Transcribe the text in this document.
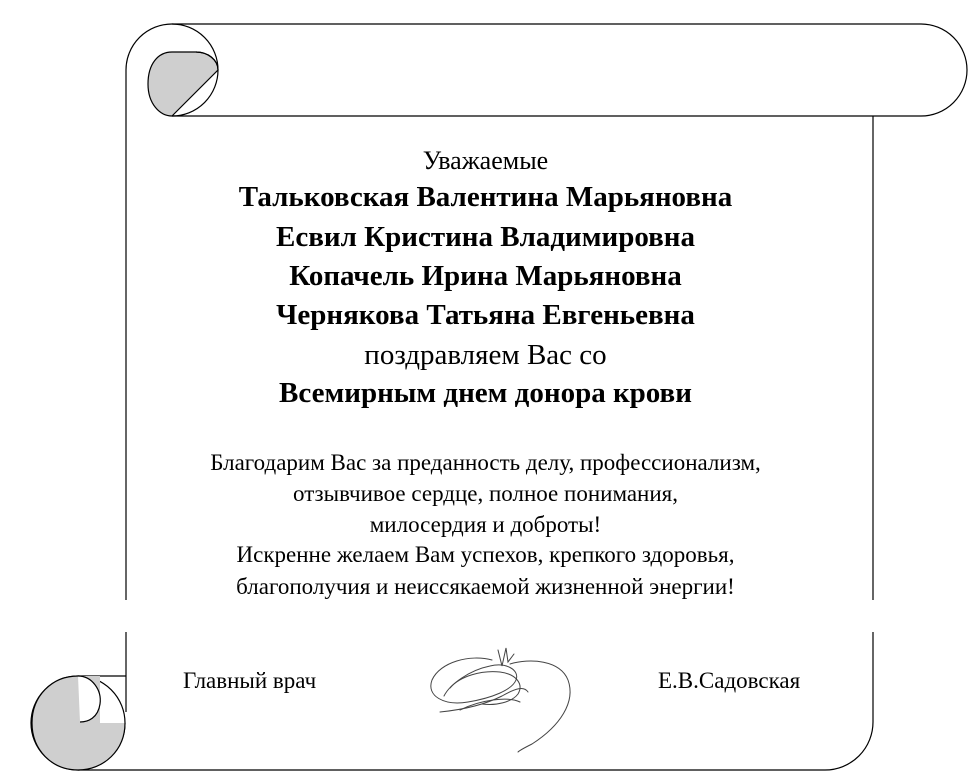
Уважаемые
Тальковская Валентина Марьяновна
Есвил Кристина Владимировна
Копачель Ирина Марьяновна
Чернякова Татьяна Евгеньевна
поздравляем Вас со
Всемирным днем донора крови
Благодарим Вас за преданность делу, профессионализм,
отзывчивое сердце, полное понимания,
милосердия и доброты!
Искренне желаем Вам успехов, крепкого здоровья,
благополучия и неиссякаемой жизненной энергии!
Главный врач	Е.В.Садовская
